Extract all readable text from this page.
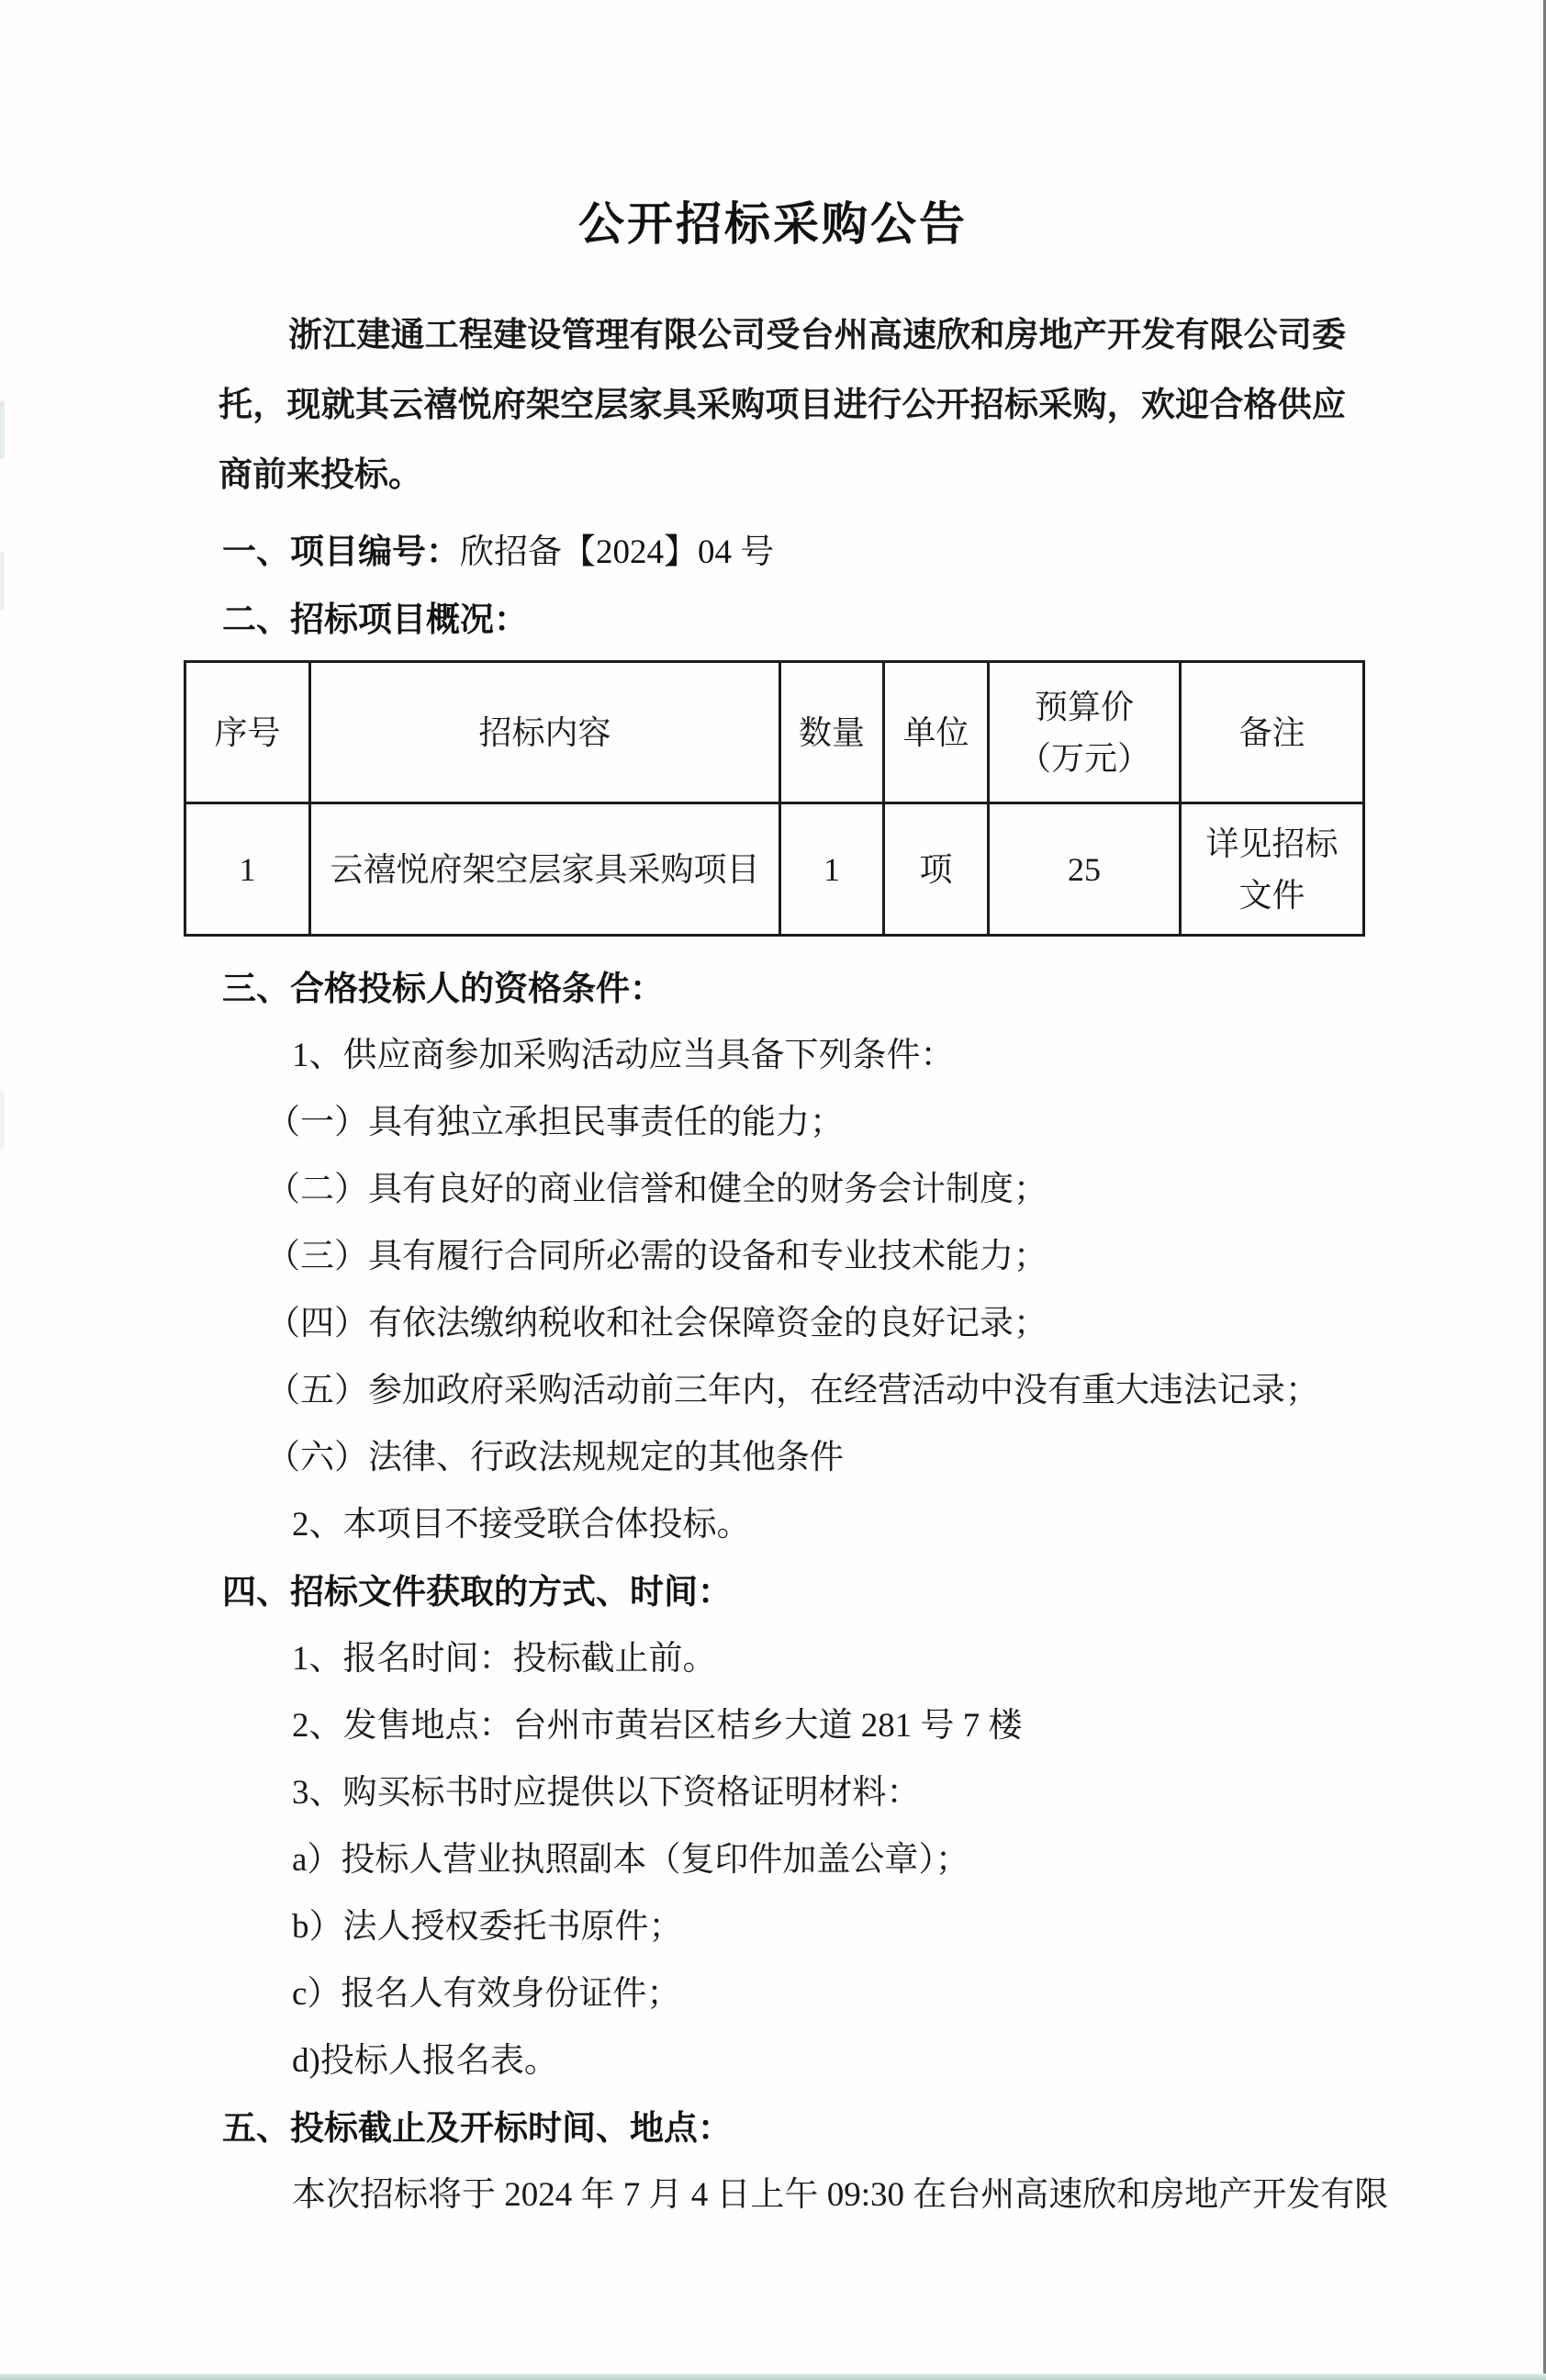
公开招标采购公告

浙江建通工程建设管理有限公司受台州高速欣和房地产开发有限公司委托，现就其云禧悦府架空层家具采购项目进行公开招标采购，欢迎合格供应商前来投标。

一、项目编号：欣招备【2024】04 号
二、招标项目概况：
序号	招标内容	数量	单位	预算价（万元）	备注
1	云禧悦府架空层家具采购项目	1	项	25	详见招标文件
三、合格投标人的资格条件：
1、供应商参加采购活动应当具备下列条件：
（一）具有独立承担民事责任的能力；
（二）具有良好的商业信誉和健全的财务会计制度；
（三）具有履行合同所必需的设备和专业技术能力；
（四）有依法缴纳税收和社会保障资金的良好记录；
（五）参加政府采购活动前三年内，在经营活动中没有重大违法记录；
（六）法律、行政法规规定的其他条件
2、本项目不接受联合体投标。
四、招标文件获取的方式、时间：
1、报名时间：投标截止前。
2、发售地点：台州市黄岩区桔乡大道 281 号 7 楼
3、购买标书时应提供以下资格证明材料：
a）投标人营业执照副本（复印件加盖公章）；
b）法人授权委托书原件；
c）报名人有效身份证件；
d)投标人报名表。
五、投标截止及开标时间、地点：
本次招标将于 2024 年 7 月 4 日上午 09:30 在台州高速欣和房地产开发有限
